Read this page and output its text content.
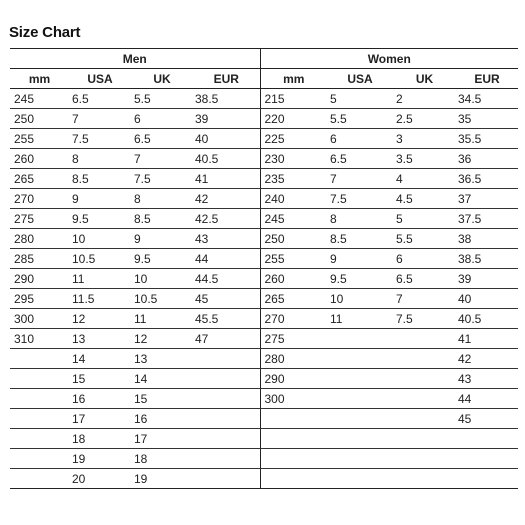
Size Chart
Men				Women			
mm	USA	UK	EUR	mm	USA	UK	EUR
245	6.5	5.5	38.5	215	5	2	34.5
250	7	6	39	220	5.5	2.5	35
255	7.5	6.5	40	225	6	3	35.5
260	8	7	40.5	230	6.5	3.5	36
265	8.5	7.5	41	235	7	4	36.5
270	9	8	42	240	7.5	4.5	37
275	9.5	8.5	42.5	245	8	5	37.5
280	10	9	43	250	8.5	5.5	38
285	10.5	9.5	44	255	9	6	38.5
290	11	10	44.5	260	9.5	6.5	39
295	11.5	10.5	45	265	10	7	40
300	12	11	45.5	270	11	7.5	40.5
310	13	12	47	275			41
	14	13		280			42
	15	14		290			43
	16	15		300			44
	17	16					45
	18	17					
	19	18					
	20	19					
